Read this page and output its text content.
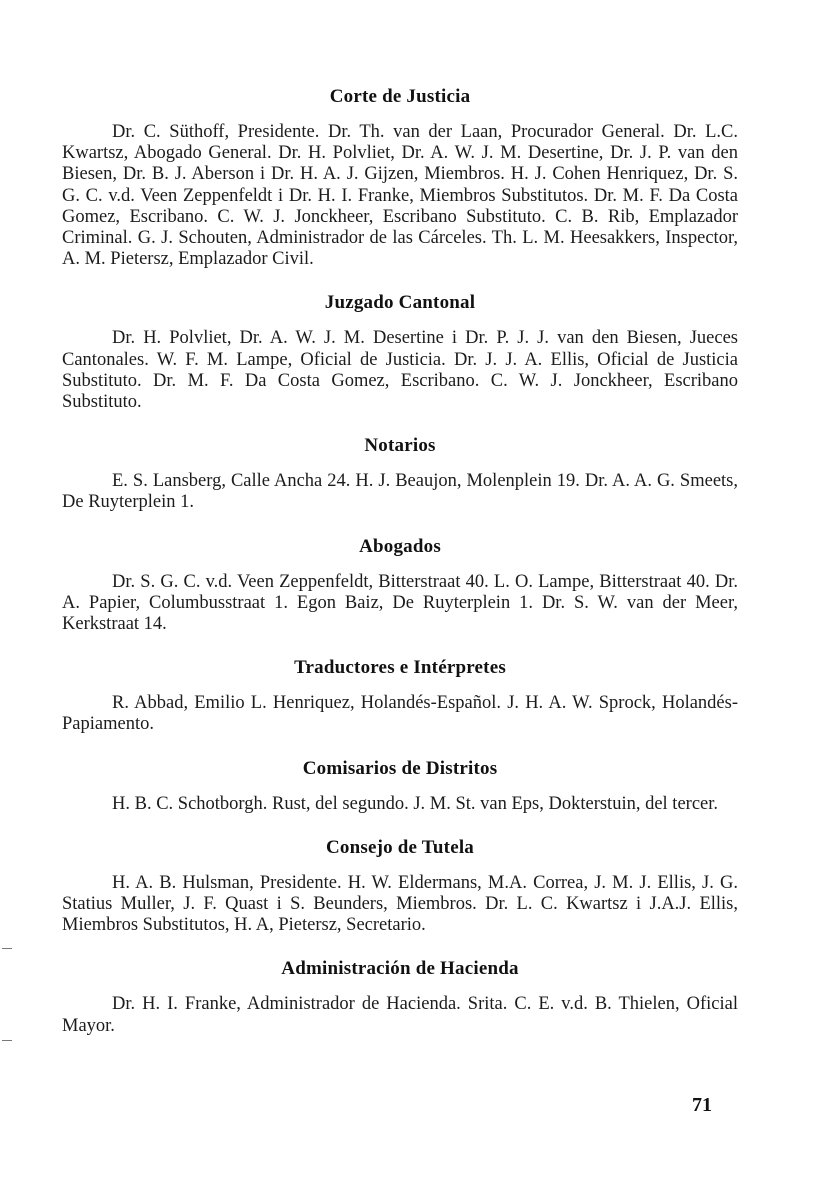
Corte de Justicia

Dr. C. Süthoff, Presidente. Dr. Th. van der Laan, Procurador General. Dr. L.C. Kwartsz, Abogado General. Dr. H. Polvliet, Dr. A. W. J. M. Desertine, Dr. J. P. van den Biesen, Dr. B. J. Aberson i Dr. H. A. J. Gijzen, Miembros. H. J. Cohen Henriquez, Dr. S. G. C. v.d. Veen Zeppenfeldt i Dr. H. I. Franke, Miembros Substitutos. Dr. M. F. Da Costa Gomez, Escribano. C. W. J. Jonckheer, Escribano Substituto. C. B. Rib, Emplazador Criminal. G. J. Schouten, Administrador de las Cárceles. Th. L. M. Heesakkers, Inspector, A. M. Pietersz, Emplazador Civil.

Juzgado Cantonal

Dr. H. Polvliet, Dr. A. W. J. M. Desertine i Dr. P. J. J. van den Biesen, Jueces Cantonales. W. F. M. Lampe, Oficial de Justicia. Dr. J. J. A. Ellis, Oficial de Justicia Substituto. Dr. M. F. Da Costa Gomez, Escribano. C. W. J. Jonckheer, Escribano Substituto.

Notarios

E. S. Lansberg, Calle Ancha 24. H. J. Beaujon, Molenplein 19. Dr. A. A. G. Smeets, De Ruyterplein 1.

Abogados

Dr. S. G. C. v.d. Veen Zeppenfeldt, Bitterstraat 40. L. O. Lampe, Bitterstraat 40. Dr. A. Papier, Columbusstraat 1. Egon Baiz, De Ruyterplein 1. Dr. S. W. van der Meer, Kerkstraat 14.

Traductores e Intérpretes

R. Abbad, Emilio L. Henriquez, Holandés-Español. J. H. A. W. Sprock, Holandés-Papiamento.

Comisarios de Distritos

H. B. C. Schotborgh. Rust, del segundo. J. M. St. van Eps, Dokterstuin, del tercer.

Consejo de Tutela

H. A. B. Hulsman, Presidente. H. W. Eldermans, M.A. Correa, J. M. J. Ellis, J. G. Statius Muller, J. F. Quast i S. Beunders, Miembros. Dr. L. C. Kwartsz i J.A.J. Ellis, Miembros Substitutos, H. A, Pietersz, Secretario.

Administración de Hacienda

Dr. H. I. Franke, Administrador de Hacienda. Srita. C. E. v.d. B. Thielen, Oficial Mayor.

71
